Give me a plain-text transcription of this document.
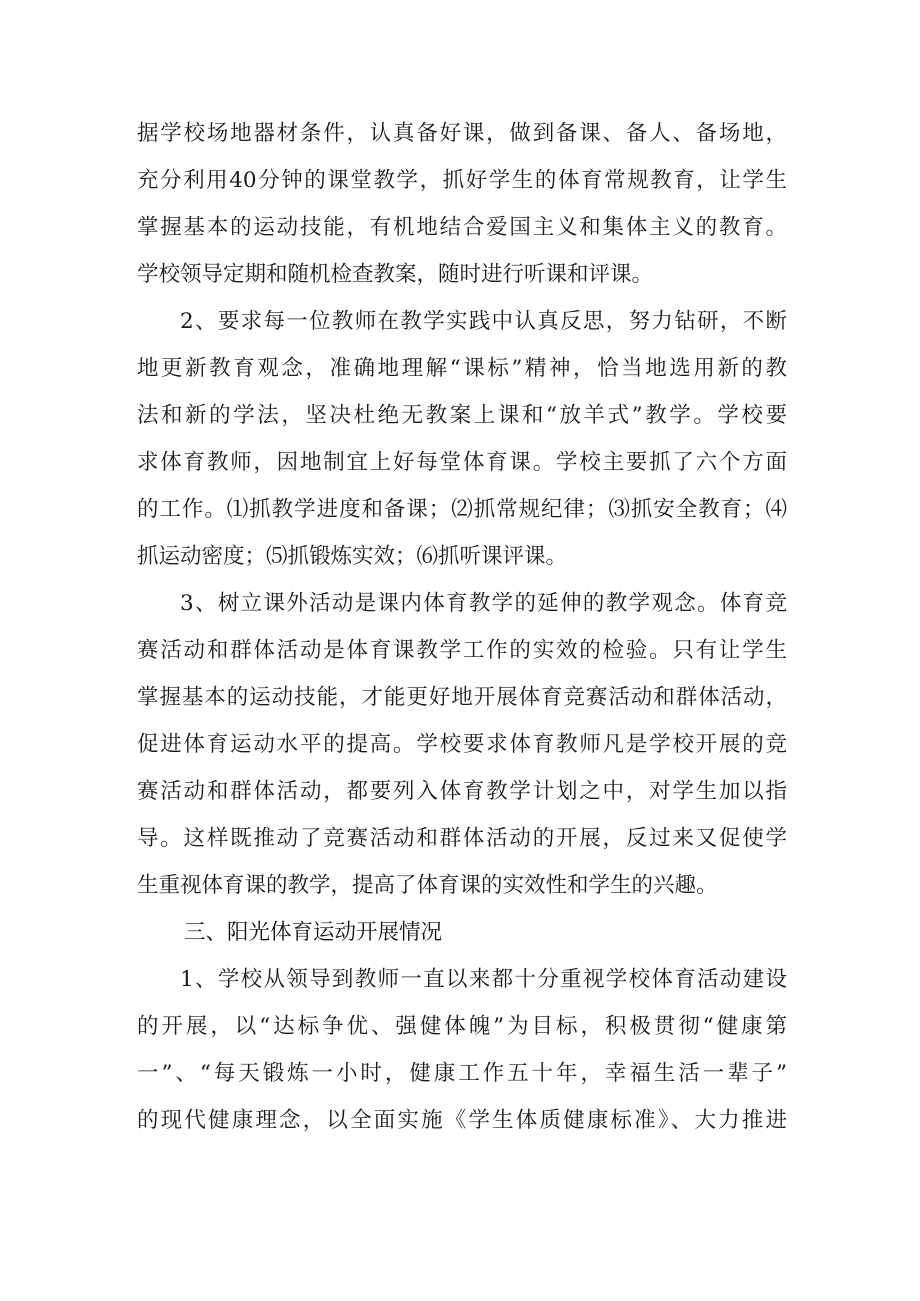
据学校场地器材条件，认真备好课，做到备课、备人、备场地，
充分利用40分钟的课堂教学，抓好学生的体育常规教育，让学生
掌握基本的运动技能，有机地结合爱国主义和集体主义的教育。
学校领导定期和随机检查教案，随时进行听课和评课。
2、要求每一位教师在教学实践中认真反思，努力钻研，不断
地更新教育观念，准确地理解“课标”精神，恰当地选用新的教
法和新的学法，坚决杜绝无教案上课和“放羊式”教学。学校要
求体育教师，因地制宜上好每堂体育课。学校主要抓了六个方面
的工作。⑴抓教学进度和备课；⑵抓常规纪律；⑶抓安全教育；⑷
抓运动密度；⑸抓锻炼实效；⑹抓听课评课。
3、树立课外活动是课内体育教学的延伸的教学观念。体育竞
赛活动和群体活动是体育课教学工作的实效的检验。只有让学生
掌握基本的运动技能，才能更好地开展体育竞赛活动和群体活动，
促进体育运动水平的提高。学校要求体育教师凡是学校开展的竞
赛活动和群体活动，都要列入体育教学计划之中，对学生加以指
导。这样既推动了竞赛活动和群体活动的开展，反过来又促使学
生重视体育课的教学，提高了体育课的实效性和学生的兴趣。
三、阳光体育运动开展情况
1、学校从领导到教师一直以来都十分重视学校体育活动建设
的开展，以“达标争优、强健体魄”为目标，积极贯彻“健康第
一”、“每天锻炼一小时，健康工作五十年，幸福生活一辈子”
的现代健康理念，以全面实施《学生体质健康标准》、大力推进
